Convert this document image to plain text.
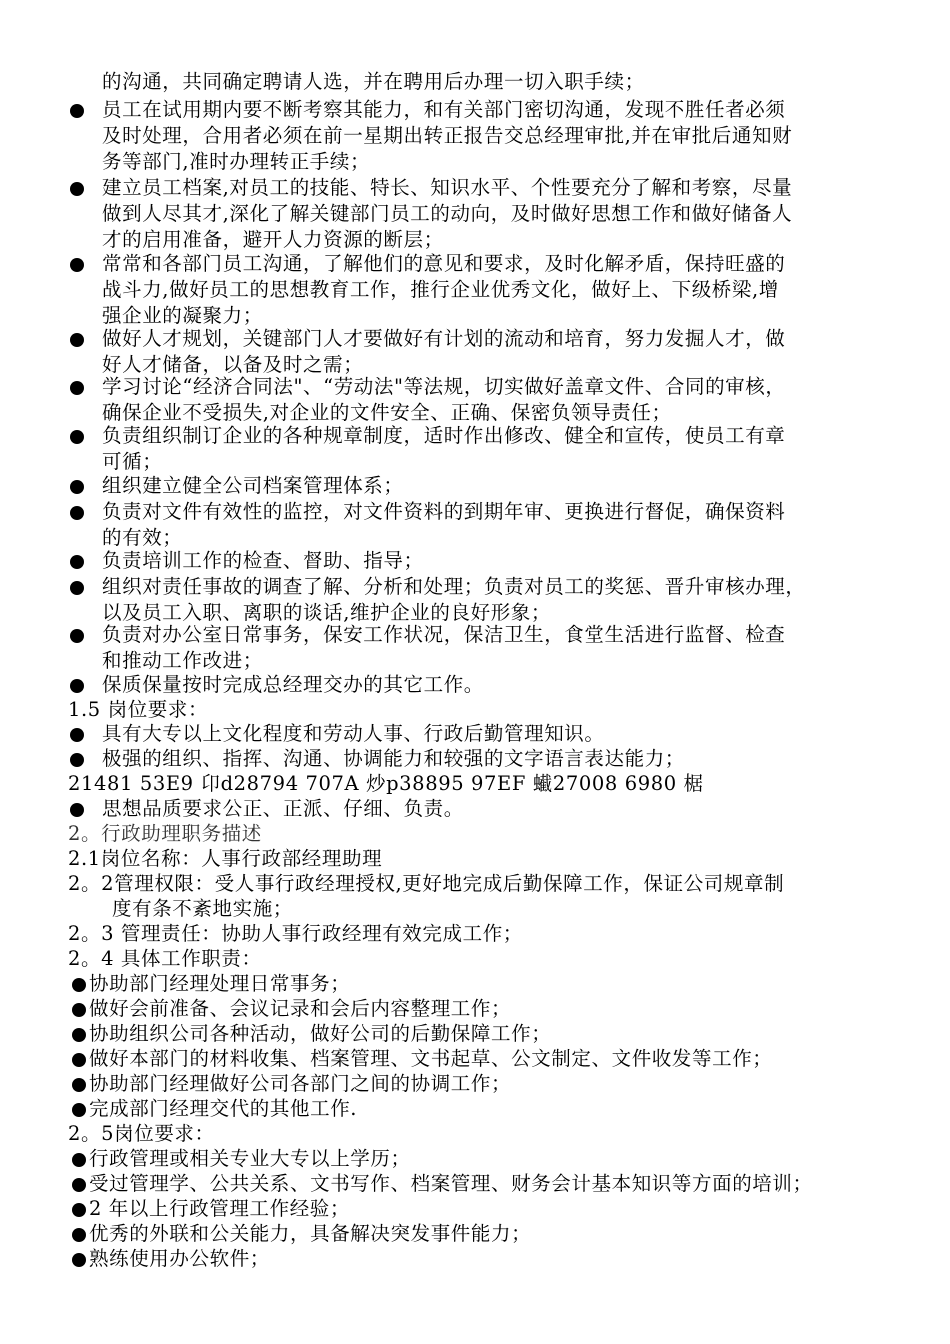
的沟通，共同确定聘请人选，并在聘用后办理一切入职手续；
员工在试用期内要不断考察其能力，和有关部门密切沟通，发现不胜任者必须
及时处理，合用者必须在前一星期出转正报告交总经理审批,并在审批后通知财
务等部门,准时办理转正手续；
建立员工档案,对员工的技能、特长、知识水平、个性要充分了解和考察，尽量
做到人尽其才,深化了解关键部门员工的动向，及时做好思想工作和做好储备人
才的启用准备，避开人力资源的断层；
常常和各部门员工沟通，了解他们的意见和要求，及时化解矛盾，保持旺盛的
战斗力,做好员工的思想教育工作，推行企业优秀文化，做好上、下级桥梁,增
强企业的凝聚力；
做好人才规划，关键部门人才要做好有计划的流动和培育，努力发掘人才，做
好人才储备，以备及时之需；
学习讨论“经济合同法"、“劳动法"等法规，切实做好盖章文件、合同的审核，
确保企业不受损失,对企业的文件安全、正确、保密负领导责任；
负责组织制订企业的各种规章制度，适时作出修改、健全和宣传，使员工有章
可循；
组织建立健全公司档案管理体系；
负责对文件有效性的监控，对文件资料的到期年审、更换进行督促，确保资料
的有效；
负责培训工作的检查、督助、指导；
组织对责任事故的调查了解、分析和处理；负责对员工的奖惩、晋升审核办理，
以及员工入职、离职的谈话,维护企业的良好形象；
负责对办公室日常事务，保安工作状况，保洁卫生，食堂生活进行监督、检查
和推动工作改进；
保质保量按时完成总经理交办的其它工作。
1.5 岗位要求：
具有大专以上文化程度和劳动人事、行政后勤管理知识。
极强的组织、指挥、沟通、协调能力和较强的文字语言表达能力；
21481 53E9 卬d28794 707A 炒p38895 97EF 蠘27008 6980 椐
思想品质要求公正、正派、仔细、负责。
2。行政助理职务描述
2.1岗位名称：人事行政部经理助理
2。2管理权限：受人事行政经理授权,更好地完成后勤保障工作，保证公司规章制
度有条不紊地实施；
2。3 管理责任：协助人事行政经理有效完成工作；
2。4 具体工作职责：
协助部门经理处理日常事务；
做好会前准备、会议记录和会后内容整理工作；
协助组织公司各种活动，做好公司的后勤保障工作；
做好本部门的材料收集、档案管理、文书起草、公文制定、文件收发等工作；
协助部门经理做好公司各部门之间的协调工作；
完成部门经理交代的其他工作.
2。5岗位要求：
行政管理或相关专业大专以上学历；
受过管理学、公共关系、文书写作、档案管理、财务会计基本知识等方面的培训；
2 年以上行政管理工作经验；
优秀的外联和公关能力，具备解决突发事件能力；
熟练使用办公软件；
